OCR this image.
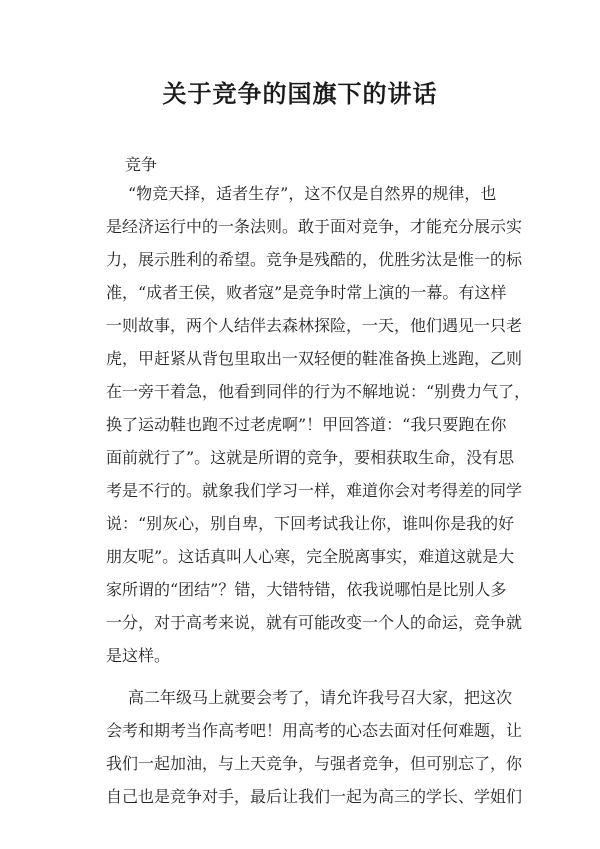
关于竞争的国旗下的讲话
竞争
“物竞天择，适者生存”，这不仅是自然界的规律，也
是经济运行中的一条法则。敢于面对竞争，才能充分展示实
力，展示胜利的希望。竞争是残酷的，优胜劣汰是惟一的标
准，“成者王侯，败者寇”是竞争时常上演的一幕。有这样
一则故事，两个人结伴去森林探险，一天，他们遇见一只老
虎，甲赶紧从背包里取出一双轻便的鞋准备换上逃跑，乙则
在一旁干着急，他看到同伴的行为不解地说：“别费力气了，
换了运动鞋也跑不过老虎啊”！甲回答道：“我只要跑在你
面前就行了”。这就是所谓的竞争，要相获取生命，没有思
考是不行的。就象我们学习一样，难道你会对考得差的同学
说：“别灰心，别自卑，下回考试我让你，谁叫你是我的好
朋友呢”。这话真叫人心寒，完全脱离事实，难道这就是大
家所谓的“团结”？错，大错特错，依我说哪怕是比别人多
一分，对于高考来说，就有可能改变一个人的命运，竞争就
是这样。
高二年级马上就要会考了，请允许我号召大家，把这次
会考和期考当作高考吧！用高考的心态去面对任何难题，让
我们一起加油，与上天竞争，与强者竞争，但可别忘了，你
自己也是竞争对手，最后让我们一起为高三的学长、学姐们
